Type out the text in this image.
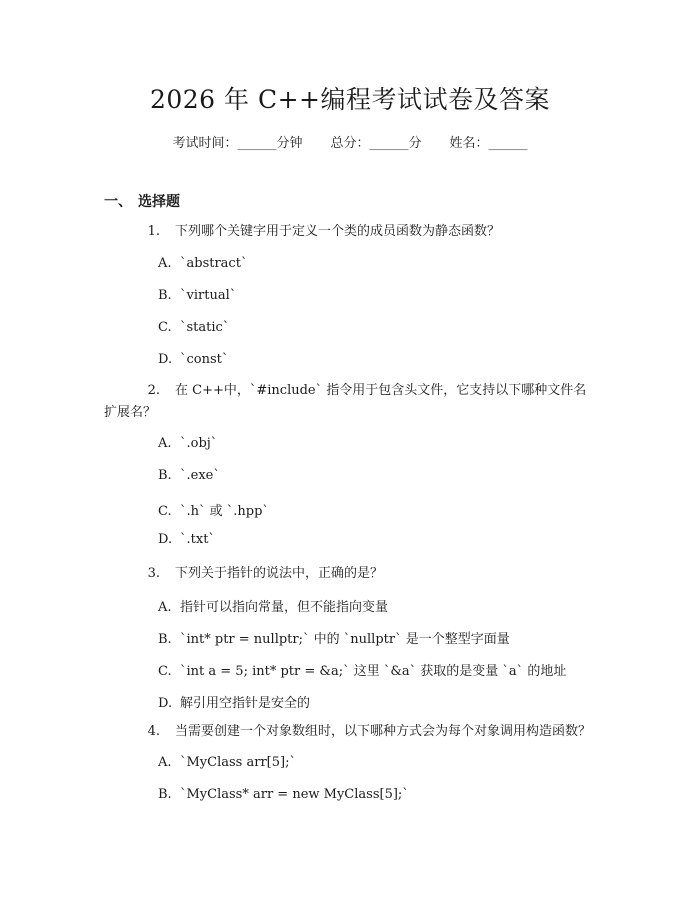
2026 年 C++编程考试试卷及答案
考试时间：______分钟 总分：______分 姓名：______
一、 选择题
1. 下列哪个关键字用于定义一个类的成员函数为静态函数？
A. `abstract`
B. `virtual`
C. `static`
D. `const`
2. 在 C++中，`#include` 指令用于包含头文件，它支持以下哪种文件名扩展名？
A. `.obj`
B. `.exe`
C. `.h` 或 `.hpp`
D. `.txt`
3. 下列关于指针的说法中，正确的是？
A. 指针可以指向常量，但不能指向变量
B. `int* ptr = nullptr;` 中的 `nullptr` 是一个整型字面量
C. `int a = 5; int* ptr = &a;` 这里 `&a` 获取的是变量 `a` 的地址
D. 解引用空指针是安全的
4. 当需要创建一个对象数组时，以下哪种方式会为每个对象调用构造函数？
A. `MyClass arr[5];`
B. `MyClass* arr = new MyClass[5];`
